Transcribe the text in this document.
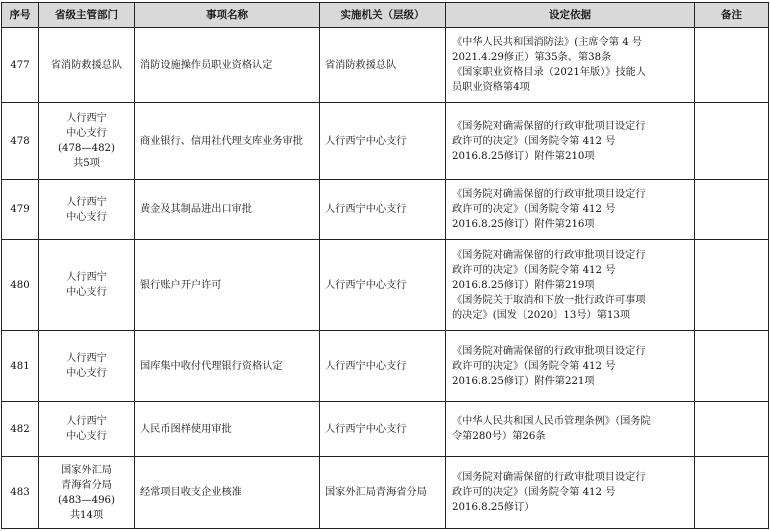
序号	省级主管部门	事项名称	实施机关（层级）	设定依据	备注
477	省消防救援总队	消防设施操作员职业资格认定	省消防救援总队	《中华人民共和国消防法》(主席令第 4 号
2021.4.29修正）第35条、第38条
《国家职业资格目录（2021年版）》技能人
员职业资格第4项	

478	人行西宁
中心支行
(478—482)
共5项	商业银行、信用社代理支库业务审批	人行西宁中心支行	《国务院对确需保留的行政审批项目设定行
政许可的决定》（国务院令第 412 号
2016.8.25修订）附件第210项	

479	人行西宁
中心支行	黄金及其制品进出口审批	人行西宁中心支行	《国务院对确需保留的行政审批项目设定行
政许可的决定》（国务院令第 412 号
2016.8.25修订）附件第216项	

480	人行西宁
中心支行	银行账户开户许可	人行西宁中心支行	《国务院对确需保留的行政审批项目设定行
政许可的决定》（国务院令第 412 号
2016.8.25修订）附件第219项
《国务院关于取消和下放一批行政许可事项
的决定》(国发〔2020〕13号）第13项	

481	人行西宁
中心支行	国库集中收付代理银行资格认定	人行西宁中心支行	《国务院对确需保留的行政审批项目设定行
政许可的决定》（国务院令第 412 号
2016.8.25修订）附件第221项	

482	人行西宁
中心支行	人民币图样使用审批	人行西宁中心支行	《中华人民共和国人民币管理条例》（国务院
令第280号）第26条	

483	国家外汇局
青海省分局
(483—496)
共14项	经常项目收支企业核准	国家外汇局青海省分局	《国务院对确需保留的行政审批项目设定行
政许可的决定》（国务院令第 412 号
2016.8.25修订）	
